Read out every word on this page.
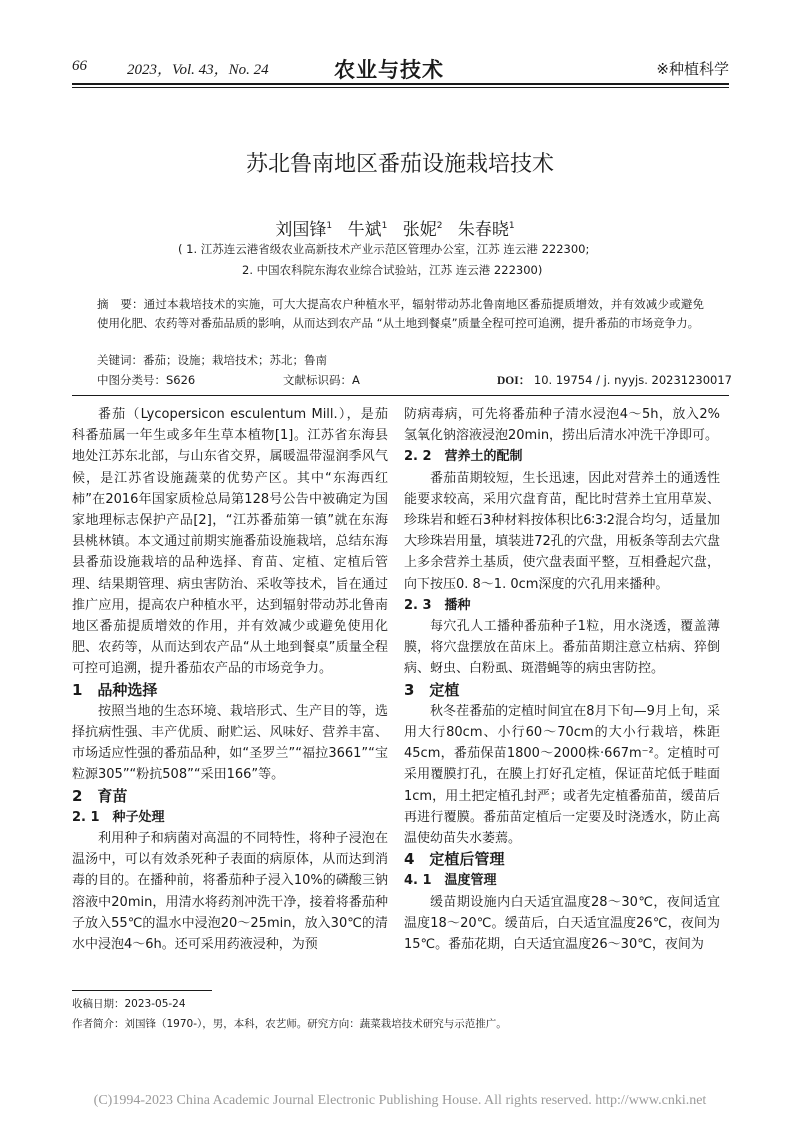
66	2023，Vol. 43，No. 24	农业与技术	※种植科学
苏北鲁南地区番茄设施栽培技术
刘国锋$^1$ 牛斌$^1$ 张妮$^2$ 朱春晓$^1$
( 1. 江苏连云港省级农业高新技术产业示范区管理办公室，江苏 连云港 222300;
2. 中国农科院东海农业综合试验站，江苏 连云港 222300)
摘　要：通过本栽培技术的实施，可大大提高农户种植水平，辐射带动苏北鲁南地区番茄提质增效，并有效减少或避免使用化肥、农药等对番茄品质的影响，从而达到农产品 “从土地到餐桌”质量全程可控可追溯，提升番茄的市场竞争力。
关键词：番茄；设施；栽培技术；苏北；鲁南
中图分类号：S626	文献标识码：A	DOI： 10. 19754 / j. nyyjs. 20231230017

番茄（Lycopersicon esculentum Mill.），是茄科番茄属一年生或多年生草本植物[1]。江苏省东海县地处江苏东北部，与山东省交界，属暖温带湿润季风气候，是江苏省设施蔬菜的优势产区。其中“东海西红柿”在2016年国家质检总局第128号公告中被确定为国家地理标志保护产品[2]，“江苏番茄第一镇”就在东海县桃林镇。本文通过前期实施番茄设施栽培，总结东海县番茄设施栽培的品种选择、育苗、定植、定植后管理、结果期管理、病虫害防治、采收等技术，旨在通过推广应用，提高农户种植水平，达到辐射带动苏北鲁南地区番茄提质增效的作用，并有效减少或避免使用化肥、农药等，从而达到农产品“从土地到餐桌”质量全程可控可追溯，提升番茄农产品的市场竞争力。

1　品种选择

按照当地的生态环境、栽培形式、生产目的等，选择抗病性强、丰产优质、耐贮运、风味好、营养丰富、市场适应性强的番茄品种，如“圣罗兰”“福拉3661”“宝粒源305”“粉抗508”“采田166”等。

2　育苗

2. 1　种子处理

利用种子和病菌对高温的不同特性，将种子浸泡在温汤中，可以有效杀死种子表面的病原体，从而达到消毒的目的。在播种前，将番茄种子浸入10%的磷酸三钠溶液中20min，用清水将药剂冲洗干净，接着将番茄种子放入55℃的温水中浸泡20～25min，放入30℃的清水中浸泡4～6h。还可采用药液浸种，为预

防病毒病，可先将番茄种子清水浸泡4～5h，放入2%氢氧化钠溶液浸泡20min，捞出后清水冲洗干净即可。

2. 2　营养土的配制

番茄苗期较短，生长迅速，因此对营养土的通透性能要求较高，采用穴盘育苗，配比时营养土宜用草炭、珍珠岩和蛭石3种材料按体积比6∶3∶2混合均匀，适量加大珍珠岩用量，填装进72孔的穴盘，用板条等刮去穴盘上多余营养土基质，使穴盘表面平整，互相叠起穴盘，向下按压0. 8～1. 0cm深度的穴孔用来播种。

2. 3　播种

每穴孔人工播种番茄种子1粒，用水浇透，覆盖薄膜，将穴盘摆放在苗床上。番茄苗期注意立枯病、猝倒病、蚜虫、白粉虱、斑潜蝇等的病虫害防控。

3　定植

秋冬茬番茄的定植时间宜在8月下旬—9月上旬，采用大行80cm、小行60～70cm的大小行栽培，株距45cm，番茄保苗1800～2000株·667m⁻²。定植时可采用覆膜打孔，在膜上打好孔定植，保证苗坨低于畦面1cm，用土把定植孔封严；或者先定植番茄苗，缓苗后再进行覆膜。番茄苗定植后一定要及时浇透水，防止高温使幼苗失水萎蔫。

4　定植后管理

4. 1　温度管理

缓苗期设施内白天适宜温度28～30℃，夜间适宜温度18～20℃。缓苗后，白天适宜温度26℃，夜间为15℃。番茄花期，白天适宜温度26～30℃，夜间为

收稿日期：2023-05-24
作者简介：刘国锋（1970-），男，本科，农艺师。研究方向：蔬菜栽培技术研究与示范推广。
(C)1994-2023 China Academic Journal Electronic Publishing House. All rights reserved. http://www.cnki.net
